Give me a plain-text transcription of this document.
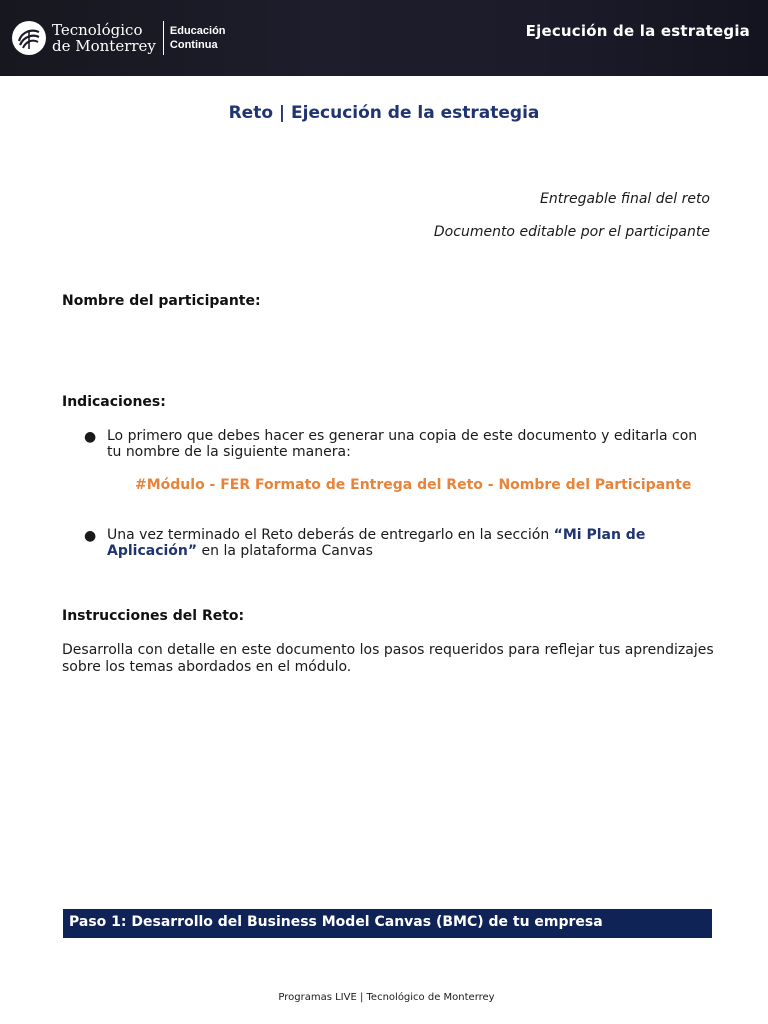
Tecnológico
de Monterrey
Educación
Continua
Ejecución de la estrategia
Reto | Ejecución de la estrategia
Entregable final del reto
Documento editable por el participante
Nombre del participante:
Indicaciones:
● Lo primero que debes hacer es generar una copia de este documento y editarla con tu nombre de la siguiente manera:
#Módulo - FER Formato de Entrega del Reto - Nombre del Participante
● Una vez terminado el Reto deberás de entregarlo en la sección “Mi Plan de Aplicación” en la plataforma Canvas
Instrucciones del Reto:
Desarrolla con detalle en este documento los pasos requeridos para reflejar tus aprendizajes sobre los temas abordados en el módulo.
Paso 1: Desarrollo del Business Model Canvas (BMC) de tu empresa
Programas LIVE | Tecnológico de Monterrey
